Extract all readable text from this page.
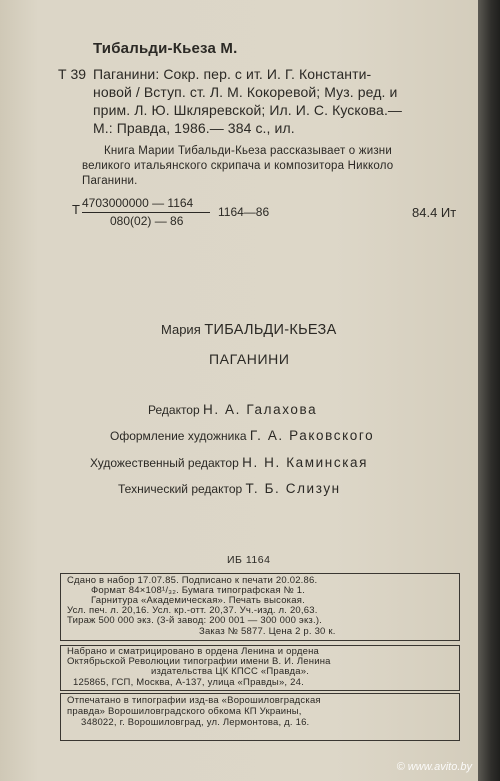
Тибальди-Кьеза М.
Т 39 Паганини: Сокр. пер. с ит. И. Г. Константи-
новой / Вступ. ст. Л. М. Кокоревой; Муз. ред. и
прим. Л. Ю. Шкляревской; Ил. И. С. Кускова.—
М.: Правда, 1986.— 384 с., ил.
Книга Марии Тибальди-Кьеза рассказывает о жизни
великого итальянского скрипача и композитора Никколо
Паганини.
Т 4703000000 — 1164
080(02) — 86
1164—86	84.4 Ит
Мария ТИБАЛЬДИ-КЬЕЗА
ПАГАНИНИ
Редактор Н. А. Галахова
Оформление художника Г. А. Раковского
Художественный редактор Н. Н. Каминская
Технический редактор Т. Б. Слизун
ИБ 1164
Сдано в набор 17.07.85. Подписано к печати 20.02.86.
Формат 84×108¹/₃₂. Бумага типографская № 1.
Гарнитура «Академическая». Печать высокая.
Усл. печ. л. 20,16. Усл. кр.-отт. 20,37. Уч.-изд. л. 20,63.
Тираж 500 000 экз. (3-й завод: 200 001 — 300 000 экз.).
Заказ № 5877. Цена 2 р. 30 к.
Набрано и сматрицировано в ордена Ленина и ордена
Октябрьской Революции типографии имени В. И. Ленина
издательства ЦК КПСС «Правда».
125865, ГСП, Москва, А-137, улица «Правды», 24.
Отпечатано в типографии изд-ва «Ворошиловградская
правда» Ворошиловградского обкома КП Украины,
348022, г. Ворошиловград, ул. Лермонтова, д. 16.
© www.avito.by
